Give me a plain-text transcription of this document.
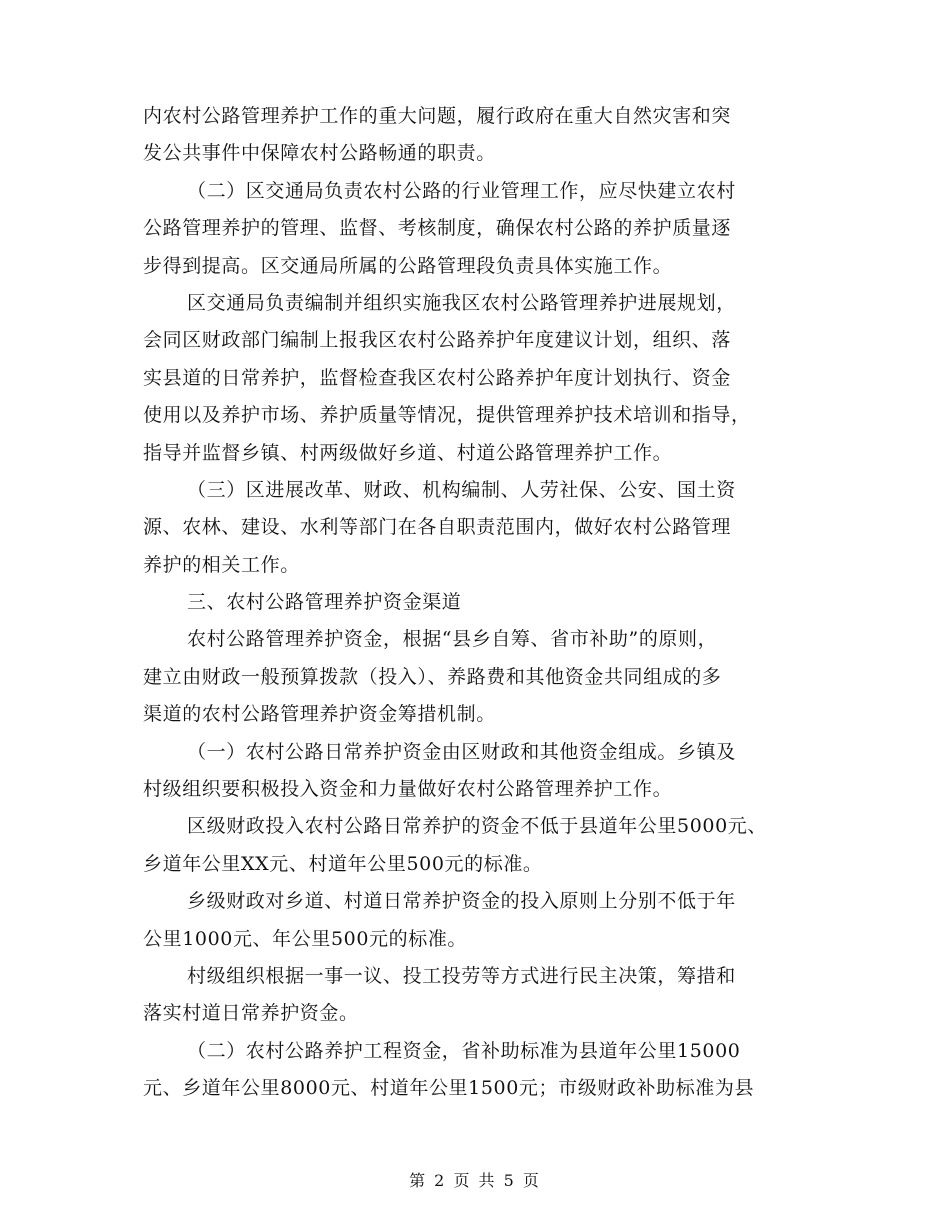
内农村公路管理养护工作的重大问题，履行政府在重大自然灾害和突
发公共事件中保障农村公路畅通的职责。
（二）区交通局负责农村公路的行业管理工作，应尽快建立农村
公路管理养护的管理、监督、考核制度，确保农村公路的养护质量逐
步得到提高。区交通局所属的公路管理段负责具体实施工作。
区交通局负责编制并组织实施我区农村公路管理养护进展规划，
会同区财政部门编制上报我区农村公路养护年度建议计划，组织、落
实县道的日常养护，监督检查我区农村公路养护年度计划执行、资金
使用以及养护市场、养护质量等情况，提供管理养护技术培训和指导，
指导并监督乡镇、村两级做好乡道、村道公路管理养护工作。
（三）区进展改革、财政、机构编制、人劳社保、公安、国土资
源、农林、建设、水利等部门在各自职责范围内，做好农村公路管理
养护的相关工作。
三、农村公路管理养护资金渠道
农村公路管理养护资金，根据“县乡自筹、省市补助”的原则，
建立由财政一般预算拨款（投入）、养路费和其他资金共同组成的多
渠道的农村公路管理养护资金筹措机制。
（一）农村公路日常养护资金由区财政和其他资金组成。乡镇及
村级组织要积极投入资金和力量做好农村公路管理养护工作。
区级财政投入农村公路日常养护的资金不低于县道年公里5000元、
乡道年公里XX元、村道年公里500元的标准。
乡级财政对乡道、村道日常养护资金的投入原则上分别不低于年
公里1000元、年公里500元的标准。
村级组织根据一事一议、投工投劳等方式进行民主决策，筹措和
落实村道日常养护资金。
（二）农村公路养护工程资金，省补助标准为县道年公里15000
元、乡道年公里8000元、村道年公里1500元；市级财政补助标准为县
第 2 页 共 5 页
